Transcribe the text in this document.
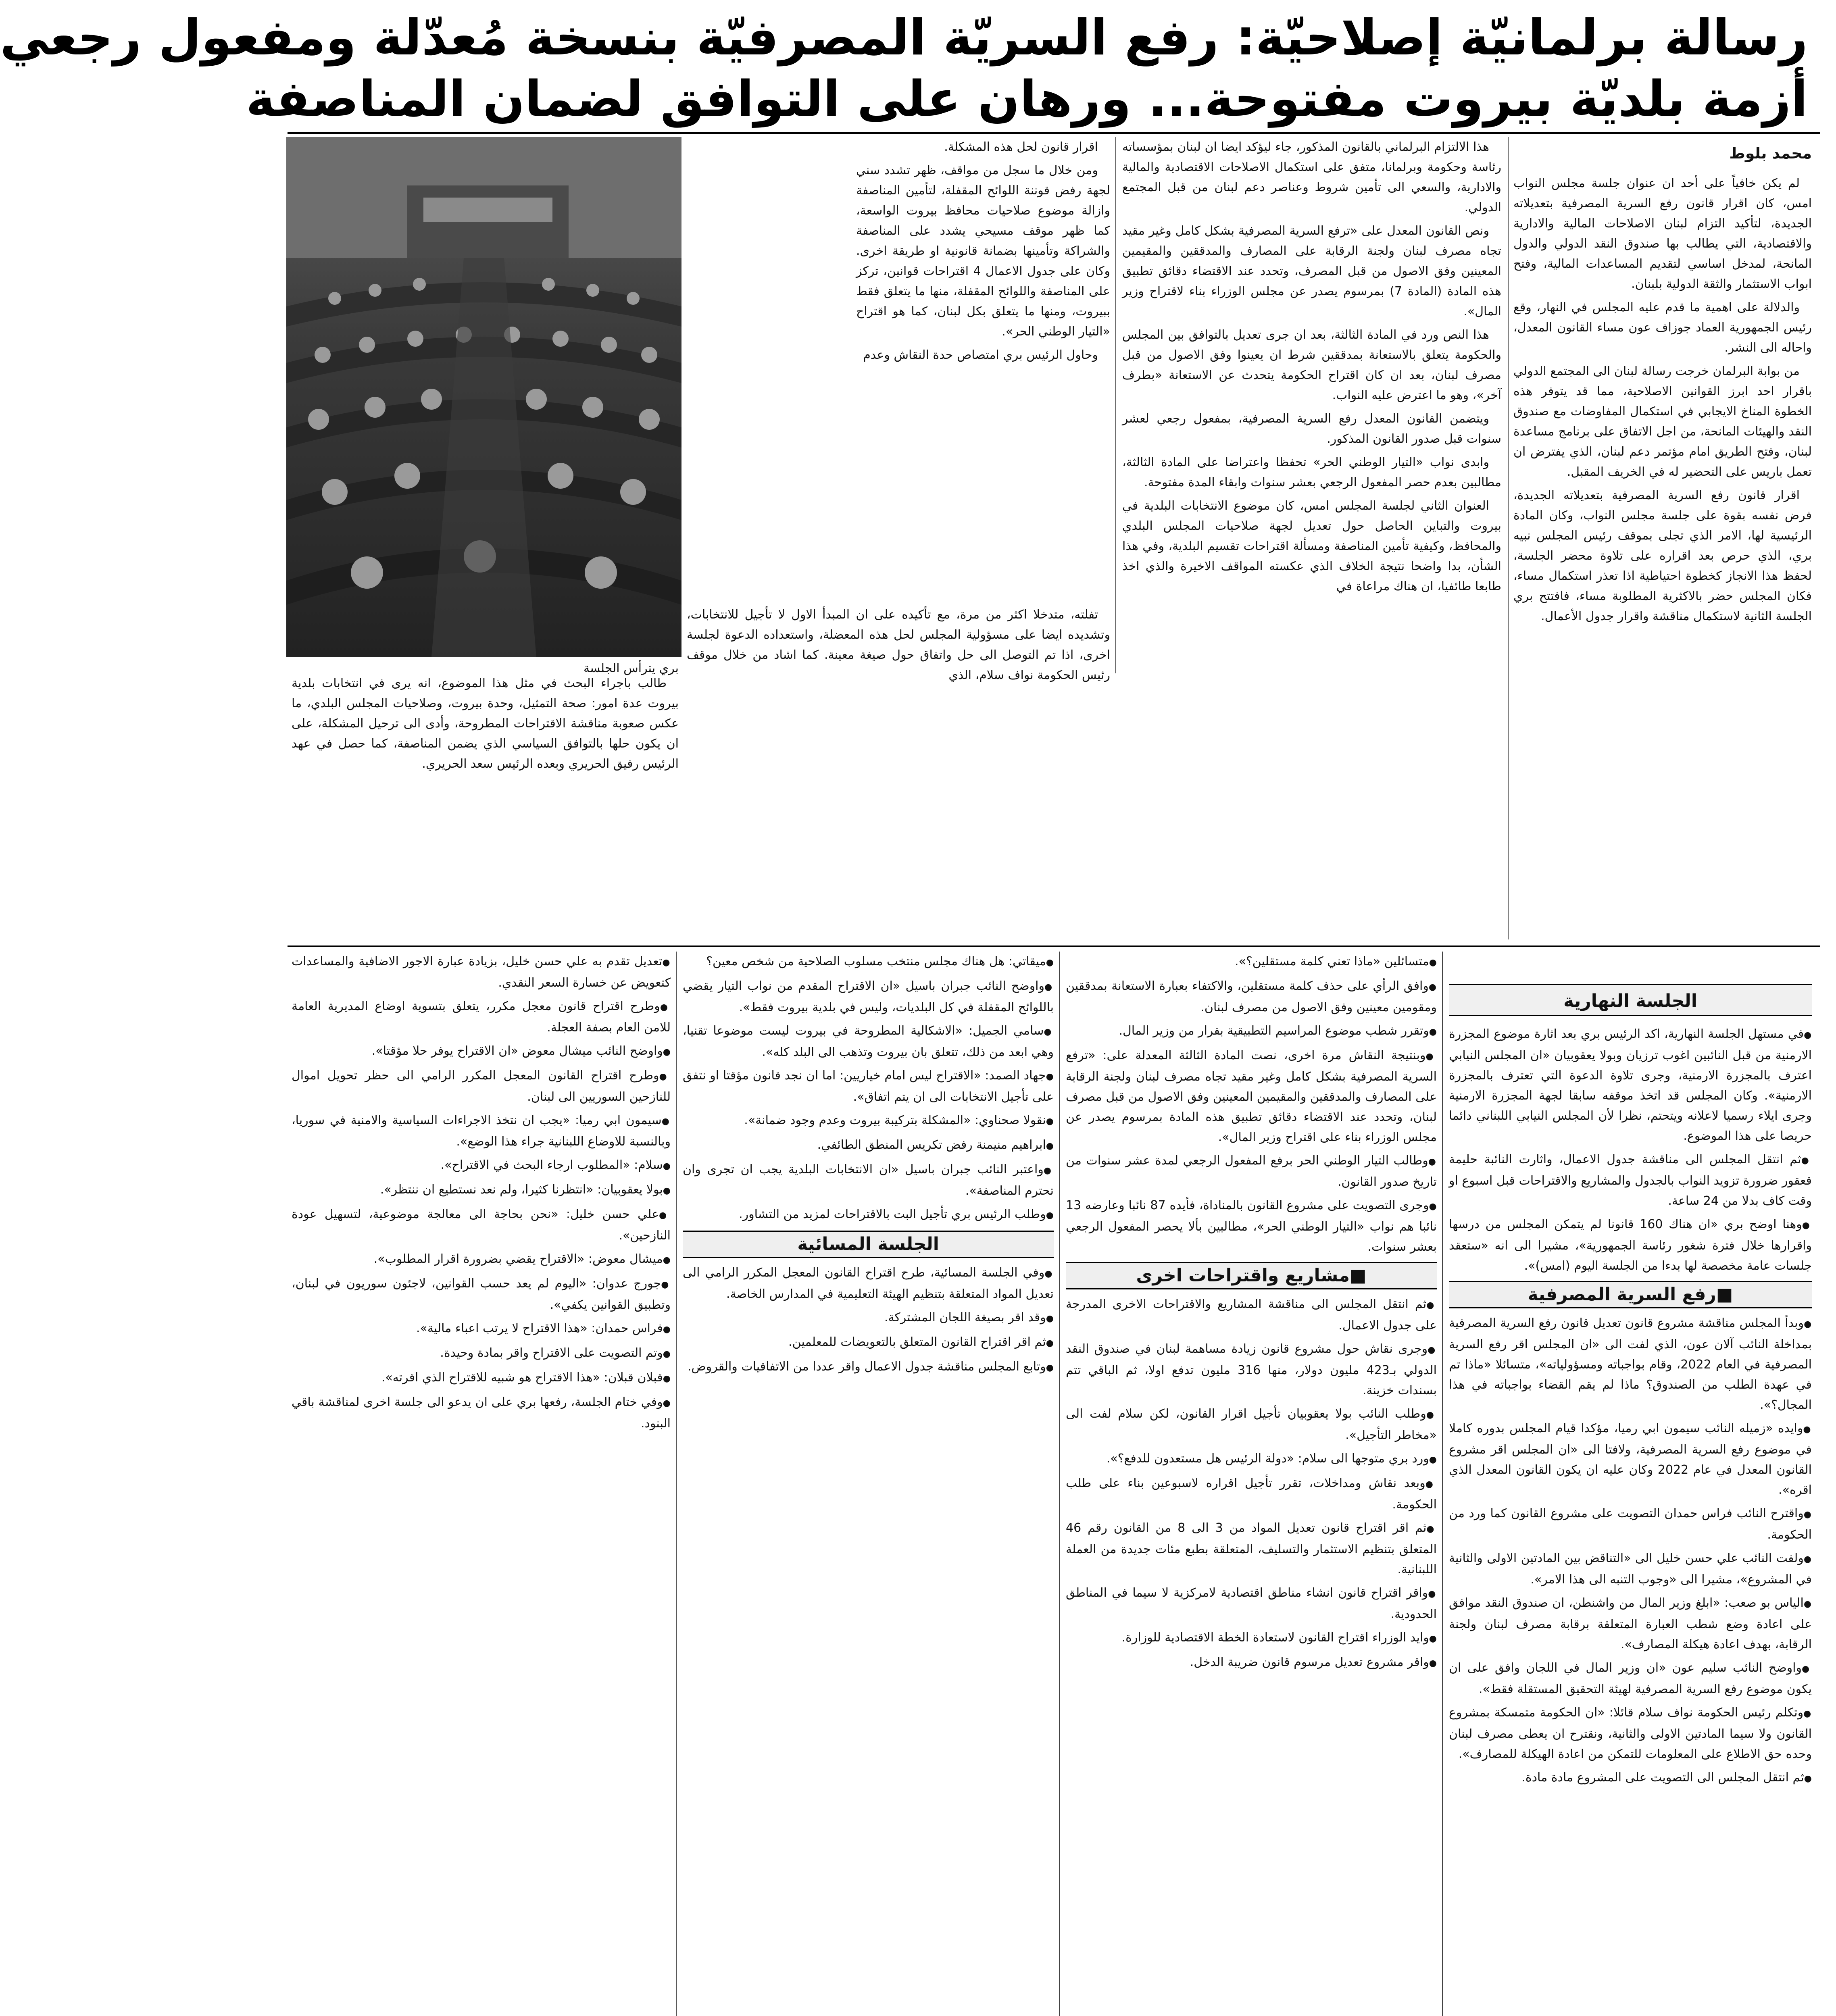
رسالة برلمانيّة إصلاحيّة: رفع السريّة المصرفيّة بنسخة مُعدّلة ومفعول رجعي
أزمة بلديّة بيروت مفتوحة... ورهان على التوافق لضمان المناصفة
محمد بلوط

لم يكن خافياً على أحد ان عنوان جلسة مجلس النواب امس، كان اقرار قانون رفع السرية المصرفية بتعديلاته الجديدة، لتأكيد التزام لبنان الاصلاحات المالية والادارية والاقتصادية، التي يطالب بها صندوق النقد الدولي والدول المانحة، لمدخل اساسي لتقديم المساعدات المالية، وفتح ابواب الاستثمار والثقة الدولية بلبنان.

والدلالة على اهمية ما قدم عليه المجلس في النهار، وقع رئيس الجمهورية العماد جوزاف عون مساء القانون المعدل، واحاله الى النشر.

من بوابة البرلمان خرجت رسالة لبنان الى المجتمع الدولي باقرار احد ابرز القوانين الاصلاحية، مما قد يتوفر هذه الخطوة المناخ الايجابي في استكمال المفاوضات مع صندوق النقد والهيئات المانحة، من اجل الاتفاق على برنامج مساعدة لبنان، وفتح الطريق امام مؤتمر دعم لبنان، الذي يفترض ان تعمل باريس على التحضير له في الخريف المقبل.

اقرار قانون رفع السرية المصرفية بتعديلاته الجديدة، فرض نفسه بقوة على جلسة مجلس النواب، وكان المادة الرئيسية لها، الامر الذي تجلى بموقف رئيس المجلس نبيه بري، الذي حرص بعد اقراره على تلاوة محضر الجلسة، لحفظ هذا الانجاز كخطوة احتياطية اذا تعذر استكمال مساء، فكان المجلس حضر بالاكثرية المطلوبة مساء، فافتتح بري الجلسة الثانية لاستكمال مناقشة واقرار جدول الأعمال.

هذا الالتزام البرلماني بالقانون المذكور، جاء ليؤكد ايضا ان لبنان بمؤسساته رئاسة وحكومة وبرلمانا، متفق على استكمال الاصلاحات الاقتصادية والمالية والادارية، والسعي الى تأمين شروط وعناصر دعم لبنان من قبل المجتمع الدولي.

ونص القانون المعدل على «ترفع السرية المصرفية بشكل كامل وغير مقيد تجاه مصرف لبنان ولجنة الرقابة على المصارف والمدققين والمقيمين المعينين وفق الاصول من قبل المصرف، وتحدد عند الاقتضاء دقائق تطبيق هذه المادة (المادة 7) بمرسوم يصدر عن مجلس الوزراء بناء لاقتراح وزير المال».

هذا النص ورد في المادة الثالثة، بعد ان جرى تعديل بالتوافق بين المجلس والحكومة يتعلق بالاستعانة بمدققين شرط ان يعينوا وفق الاصول من قبل مصرف لبنان، بعد ان كان اقتراح الحكومة يتحدث عن الاستعانة «بطرف آخر»، وهو ما اعترض عليه النواب.

ويتضمن القانون المعدل رفع السرية المصرفية، بمفعول رجعي لعشر سنوات قبل صدور القانون المذكور.

وابدى نواب «التيار الوطني الحر» تحفظا واعتراضا على المادة الثالثة، مطالبين بعدم حصر المفعول الرجعي بعشر سنوات وابقاء المدة مفتوحة.

العنوان الثاني لجلسة المجلس امس، كان موضوع الانتخابات البلدية في بيروت والتباين الحاصل حول تعديل لجهة صلاحيات المجلس البلدي والمحافظ، وكيفية تأمين المناصفة ومسألة اقتراحات تقسيم البلدية، وفي هذا الشأن، بدا واضحا نتيجة الخلاف الذي عكسته المواقف الاخيرة والذي اخذ طابعا طائفيا، ان هناك مراعاة في

اقرار قانون لحل هذه المشكلة.

ومن خلال ما سجل من مواقف، ظهر تشدد سني لجهة رفض قوننة اللوائح المقفلة، لتأمين المناصفة وازالة موضوع صلاحيات محافظ بيروت الواسعة، كما ظهر موقف مسيحي يشدد على المناصفة والشراكة وتأمينها بضمانة قانونية او طريقة اخرى. وكان على جدول الاعمال 4 اقتراحات قوانين، تركز على المناصفة واللوائح المقفلة، منها ما يتعلق فقط ببيروت، ومنها ما يتعلق بكل لبنان، كما هو اقتراح «التيار الوطني الحر».

وحاول الرئيس بري امتصاص حدة النقاش وعدم

تفلته، متدخلا اكثر من مرة، مع تأكيده على ان المبدأ الاول لا تأجيل للانتخابات، وتشديده ايضا على مسؤولية المجلس لحل هذه المعضلة، واستعداده الدعوة لجلسة اخرى، اذا تم التوصل الى حل واتفاق حول صيغة معينة. كما اشاد من خلال موقف رئيس الحكومة نواف سلام، الذي

بري يترأس الجلسة

طالب باجراء البحث في مثل هذا الموضوع، انه يرى في انتخابات بلدية بيروت عدة امور: صحة التمثيل، وحدة بيروت، وصلاحيات المجلس البلدي، ما عكس صعوبة مناقشة الاقتراحات المطروحة، وأدى الى ترحيل المشكلة، على ان يكون حلها بالتوافق السياسي الذي يضمن المناصفة، كما حصل في عهد الرئيس رفيق الحريري وبعده الرئيس سعد الحريري.

الجلسة النهارية
● في مستهل الجلسة النهارية، اكد الرئيس بري بعد اثارة موضوع المجزرة الارمنية من قبل النائبين اغوب ترزيان وبولا يعقوبيان «ان المجلس النيابي اعترف بالمجزرة الارمنية، وجرى تلاوة الدعوة التي تعترف بالمجزرة الارمنية». وكان المجلس قد اتخذ موقفه سابقا لجهة المجزرة الارمنية وجرى ايلاء رسميا لاعلانه ويتحتم، نظرا لأن المجلس النيابي اللبناني دائما حريصا على هذا الموضوع.
● ثم انتقل المجلس الى مناقشة جدول الاعمال، واثارت النائبة حليمة قعقور ضرورة تزويد النواب بالجدول والمشاريع والاقتراحات قبل اسبوع او وقت كاف بدلا من 24 ساعة.
● وهنا اوضح بري «ان هناك 160 قانونا لم يتمكن المجلس من درسها واقرارها خلال فترة شغور رئاسة الجمهورية»، مشيرا الى انه «ستعقد جلسات عامة مخصصة لها بدءا من الجلسة اليوم (امس)».
■ رفع السرية المصرفية
● وبدأ المجلس مناقشة مشروع قانون تعديل قانون رفع السرية المصرفية بمداخلة النائب آلان عون، الذي لفت الى «ان المجلس اقر رفع السرية المصرفية في العام 2022، وقام بواجباته ومسؤولياته»، متسائلا «ماذا تم في عهدة الطلب من الصندوق؟ ماذا لم يقم القضاء بواجباته في هذا المجال؟».
● وايده «زميله النائب سيمون ابي رميا، مؤكدا قيام المجلس بدوره كاملا في موضوع رفع السرية المصرفية، ولافتا الى «ان المجلس اقر مشروع القانون المعدل في عام 2022 وكان عليه ان يكون القانون المعدل الذي اقره».
● واقترح النائب فراس حمدان التصويت على مشروع القانون كما ورد من الحكومة.
● ولفت النائب علي حسن خليل الى «التناقض بين المادتين الاولى والثانية في المشروع»، مشيرا الى «وجوب التنبه الى هذا الامر».
● الياس بو صعب: «ابلغ وزير المال من واشنطن، ان صندوق النقد موافق على اعادة وضع شطب العبارة المتعلقة برقابة مصرف لبنان ولجنة الرقابة، بهدف اعادة هيكلة المصارف».
● واوضح النائب سليم عون «ان وزير المال في اللجان وافق على ان يكون موضوع رفع السرية المصرفية لهيئة التحقيق المستقلة فقط».
● وتكلم رئيس الحكومة نواف سلام قائلا: «ان الحكومة متمسكة بمشروع القانون ولا سيما المادتين الاولى والثانية، ونقترح ان يعطى مصرف لبنان وحده حق الاطلاع على المعلومات للتمكن من اعادة الهيكلة للمصارف».
● ثم انتقل المجلس الى التصويت على المشروع مادة مادة.
● متسائلين «ماذا تعني كلمة مستقلين؟».
● وافق الرأي على حذف كلمة مستقلين، والاكتفاء بعبارة الاستعانة بمدققين ومقومين معينين وفق الاصول من مصرف لبنان.
● وتقرر شطب موضوع المراسيم التطبيقية بقرار من وزير المال.
● وبنتيجة النقاش مرة اخرى، نصت المادة الثالثة المعدلة على: «ترفع السرية المصرفية بشكل كامل وغير مقيد تجاه مصرف لبنان ولجنة الرقابة على المصارف والمدققين والمقيمين المعينين وفق الاصول من قبل مصرف لبنان، وتحدد عند الاقتضاء دقائق تطبيق هذه المادة بمرسوم يصدر عن مجلس الوزراء بناء على اقتراح وزير المال».
● وطالب التيار الوطني الحر برفع المفعول الرجعي لمدة عشر سنوات من تاريخ صدور القانون.
● وجرى التصويت على مشروع القانون بالمناداة، فأيده 87 نائبا وعارضه 13 نائبا هم نواب «التيار الوطني الحر»، مطالبين بألا يحصر المفعول الرجعي بعشر سنوات.
■ مشاريع واقتراحات اخرى
● ثم انتقل المجلس الى مناقشة المشاريع والاقتراحات الاخرى المدرجة على جدول الاعمال.
● وجرى نقاش حول مشروع قانون زيادة مساهمة لبنان في صندوق النقد الدولي بـ423 مليون دولار، منها 316 مليون تدفع اولا، ثم الباقي تتم بسندات خزينة.
● وطلب النائب بولا يعقوبيان تأجيل اقرار القانون، لكن سلام لفت الى «مخاطر التأجيل».
● ورد بري متوجها الى سلام: «دولة الرئيس هل مستعدون للدفع؟».
● وبعد نقاش ومداخلات، تقرر تأجيل اقراره لاسبوعين بناء على طلب الحكومة.
● ثم اقر اقتراح قانون تعديل المواد من 3 الى 8 من القانون رقم 46 المتعلق بتنظيم الاستثمار والتسليف، المتعلقة بطبع مئات جديدة من العملة اللبنانية.
● واقر اقتراح قانون انشاء مناطق اقتصادية لامركزية لا سيما في المناطق الحدودية.
● وايد الوزراء اقتراح القانون لاستعادة الخطة الاقتصادية للوزارة.
● واقر مشروع تعديل مرسوم قانون ضريبة الدخل.
● ميقاتي: هل هناك مجلس منتخب مسلوب الصلاحية من شخص معين؟
● واوضح النائب جبران باسيل «ان الاقتراح المقدم من نواب التيار يقضي باللوائح المقفلة في كل البلديات، وليس في بلدية بيروت فقط».
● سامي الجميل: «الاشكالية المطروحة في بيروت ليست موضوعا تقنيا، وهي ابعد من ذلك، تتعلق بان بيروت وتذهب الى البلد كله».
● جهاد الصمد: «الاقتراح ليس امام خياريين: اما ان نجد قانون مؤقتا او نتفق على تأجيل الانتخابات الى ان يتم اتفاق».
● نقولا صحناوي: «المشكلة بتركيبة بيروت وعدم وجود ضمانة».
● ابراهيم منيمنة رفض تكريس المنطق الطائفي.
● واعتبر النائب جبران باسيل «ان الانتخابات البلدية يجب ان تجرى وان تحترم المناصفة».
● وطلب الرئيس بري تأجيل البت بالاقتراحات لمزيد من التشاور.
الجلسة المسائية
● وفي الجلسة المسائية، طرح اقتراح القانون المعجل المكرر الرامي الى تعديل المواد المتعلقة بتنظيم الهيئة التعليمية في المدارس الخاصة.
● وقد اقر بصيغة اللجان المشتركة.
● ثم اقر اقتراح القانون المتعلق بالتعويضات للمعلمين.
● وتابع المجلس مناقشة جدول الاعمال واقر عددا من الاتفاقيات والقروض.
● تعديل تقدم به علي حسن خليل، بزيادة عبارة الاجور الاضافية والمساعدات كتعويض عن خسارة السعر النقدي.
● وطرح اقتراح قانون معجل مكرر، يتعلق بتسوية اوضاع المديرية العامة للامن العام بصفة العجلة.
● واوضح النائب ميشال معوض «ان الاقتراح يوفر حلا مؤقتا».
● وطرح اقتراح القانون المعجل المكرر الرامي الى حظر تحويل اموال للنازحين السوريين الى لبنان.
● سيمون ابي رميا: «يجب ان نتخذ الاجراءات السياسية والامنية في سوريا، وبالنسبة للاوضاع اللبنانية جراء هذا الوضع».
● سلام: «المطلوب ارجاء البحث في الاقتراح».
● بولا يعقوبيان: «انتظرنا كثيرا، ولم نعد نستطيع ان ننتظر».
● علي حسن خليل: «نحن بحاجة الى معالجة موضوعية، لتسهيل عودة النازحين».
● ميشال معوض: «الاقتراح يقضي بضرورة اقرار المطلوب».
● جورج عدوان: «اليوم لم يعد حسب القوانين، لاجئون سوريون في لبنان، وتطبيق القوانين يكفي».
● فراس حمدان: «هذا الاقتراح لا يرتب اعباء مالية».
● وتم التصويت على الاقتراح واقر بمادة وحيدة.
● قبلان قبلان: «هذا الاقتراح هو شبيه للاقتراح الذي اقرته».
● وفي ختام الجلسة، رفعها بري على ان يدعو الى جلسة اخرى لمناقشة باقي البنود.
